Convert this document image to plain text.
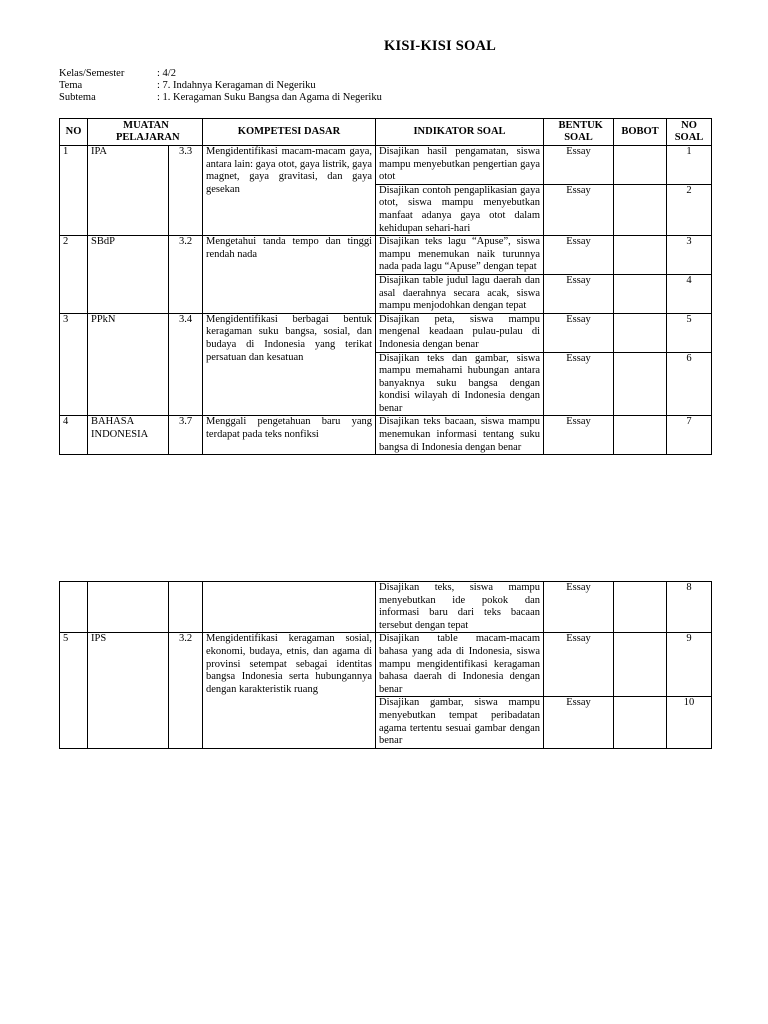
KISI-KISI SOAL
Kelas/Semester	: 4/2
Tema	: 7. Indahnya Keragaman di Negeriku
Subtema	: 1. Keragaman Suku Bangsa dan Agama di Negeriku
NO	MUATAN PELAJARAN		KOMPETESI DASAR	INDIKATOR SOAL	BENTUK SOAL	BOBOT	NO SOAL
1	IPA	3.3	Mengidentifikasi macam-macam gaya, antara lain: gaya otot, gaya listrik, gaya magnet, gaya gravitasi, dan gaya gesekan	Disajikan hasil pengamatan, siswa mampu menyebutkan pengertian gaya otot	Essay		1
				Disajikan contoh pengaplikasian gaya otot, siswa mampu menyebutkan manfaat adanya gaya otot dalam kehidupan sehari-hari	Essay		2
2	SBdP	3.2	Mengetahui tanda tempo dan tinggi rendah nada	Disajikan teks lagu “Apuse”, siswa mampu menemukan naik turunnya nada pada lagu “Apuse” dengan tepat	Essay		3
				Disajikan table judul lagu daerah dan asal daerahnya secara acak, siswa mampu menjodohkan dengan tepat	Essay		4
3	PPkN	3.4	Mengidentifikasi berbagai bentuk keragaman suku bangsa, sosial, dan budaya di Indonesia yang terikat persatuan dan kesatuan	Disajikan peta, siswa mampu mengenal keadaan pulau-pulau di Indonesia dengan benar	Essay		5
				Disajikan teks dan gambar, siswa mampu memahami hubungan antara banyaknya suku bangsa dengan kondisi wilayah di Indonesia dengan benar	Essay		6
4	BAHASA INDONESIA	3.7	Menggali pengetahuan baru yang terdapat pada teks nonfiksi	Disajikan teks bacaan, siswa mampu menemukan informasi tentang suku bangsa di Indonesia dengan benar	Essay		7
				Disajikan teks, siswa mampu menyebutkan ide pokok dan informasi baru dari teks bacaan tersebut dengan tepat	Essay		8
5	IPS	3.2	Mengidentifikasi keragaman sosial, ekonomi, budaya, etnis, dan agama di provinsi setempat sebagai identitas bangsa Indonesia serta hubungannya dengan karakteristik ruang	Disajikan table macam-macam bahasa yang ada di Indonesia, siswa mampu mengidentifikasi keragaman bahasa daerah di Indonesia dengan benar	Essay		9
				Disajikan gambar, siswa mampu menyebutkan tempat peribadatan agama tertentu sesuai gambar dengan benar	Essay		10
